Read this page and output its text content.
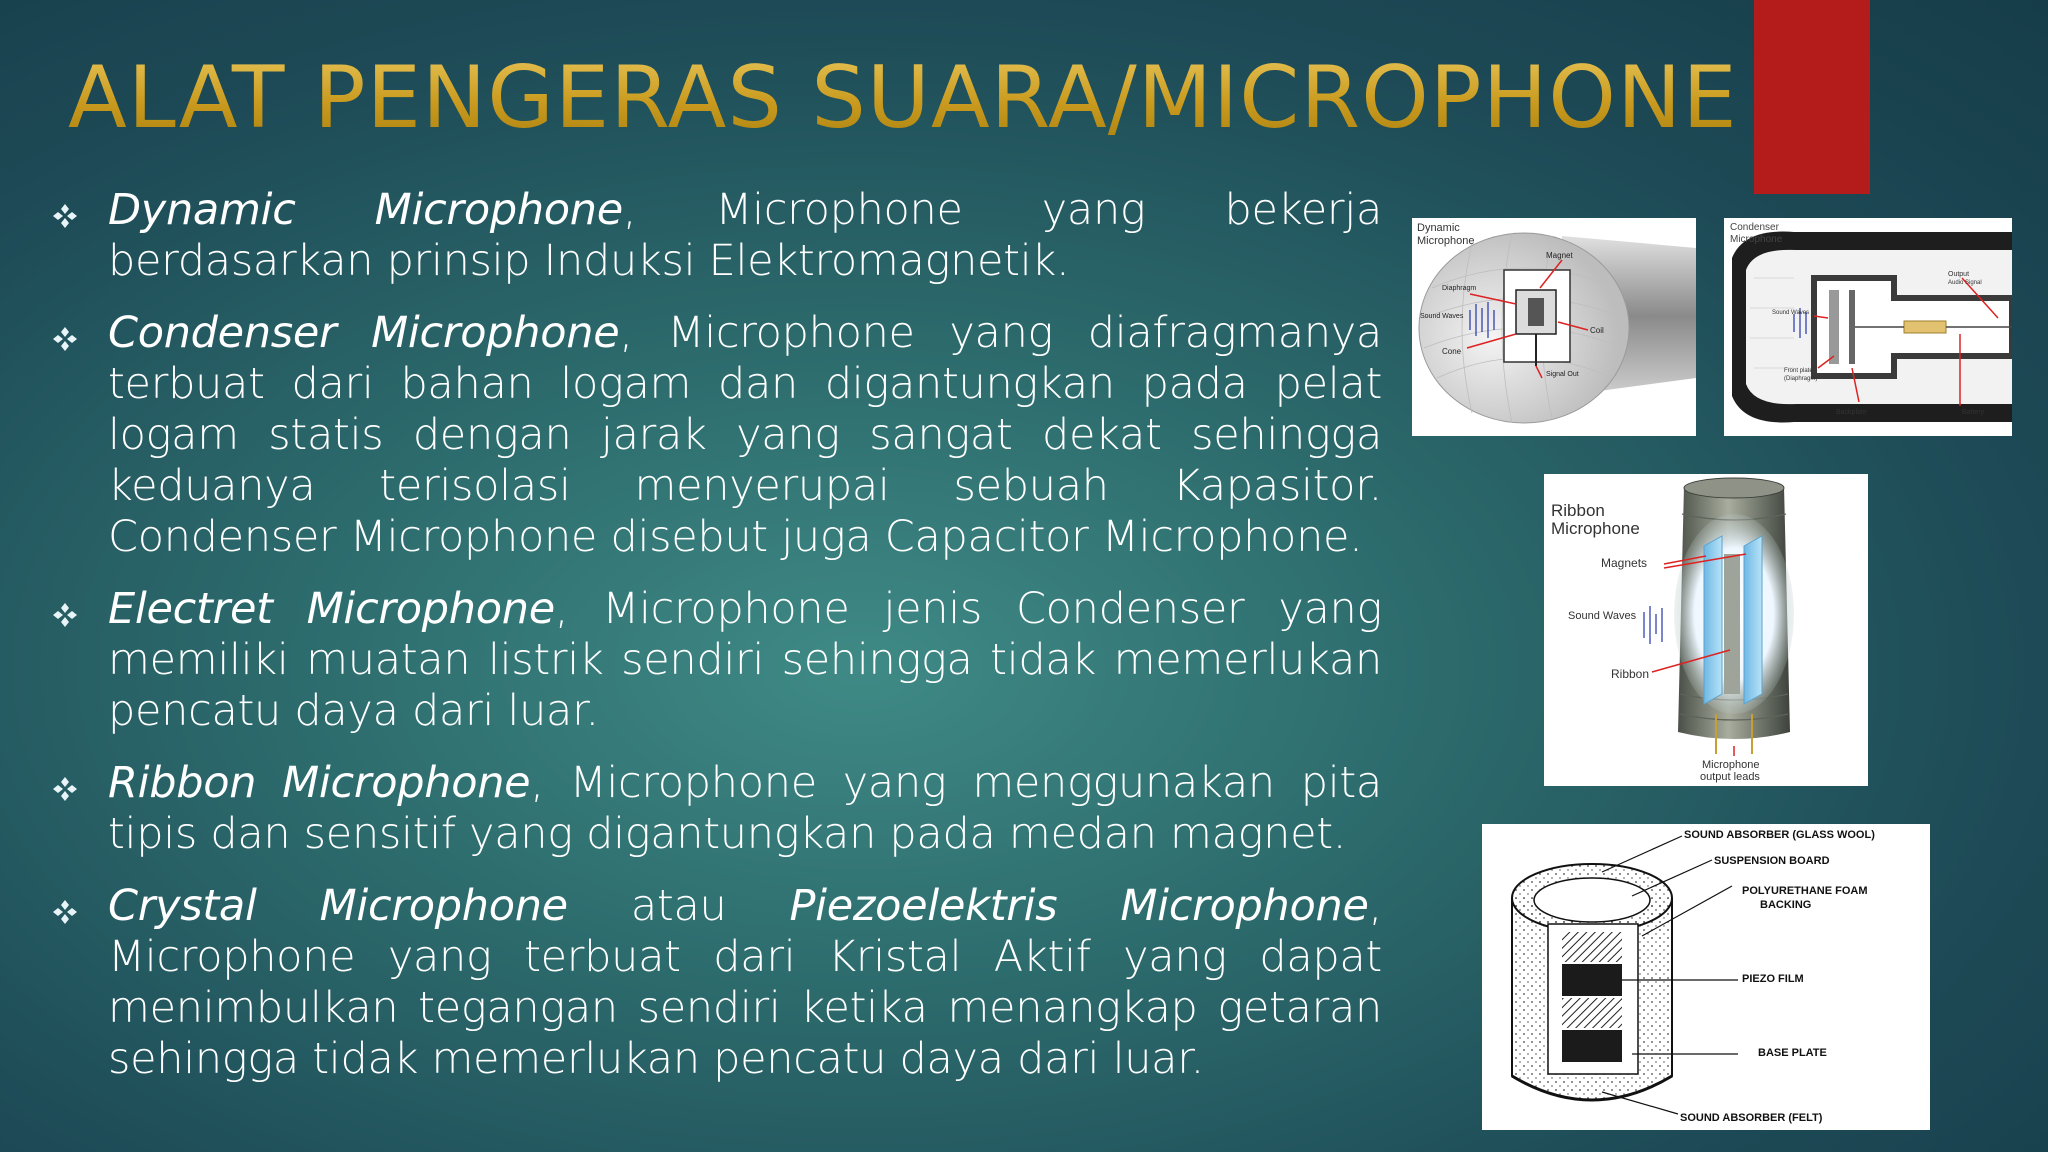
ALAT PENGERAS SUARA/MICROPHONE
Dynamic Microphone, Microphone yang bekerja berdasarkan prinsip Induksi Elektromagnetik.
Condenser Microphone, Microphone yang diafragmanya terbuat dari bahan logam dan digantungkan pada pelat logam statis dengan jarak yang sangat dekat sehingga keduanya terisolasi menyerupai sebuah Kapasitor. Condenser Microphone disebut juga Capacitor Microphone.
Electret Microphone, Microphone jenis Condenser yang memiliki muatan listrik sendiri sehingga tidak memerlukan pencatu daya dari luar.
Ribbon Microphone, Microphone yang menggunakan pita tipis dan sensitif yang digantungkan pada medan magnet.
Crystal Microphone atau Piezoelektris Microphone, Microphone yang terbuat dari Kristal Aktif yang dapat menimbulkan tegangan sendiri ketika menangkap getaran sehingga tidak memerlukan pencatu daya dari luar.
Dynamic
Microphone
Magnet
Diaphragm
Sound Waves
Coil
Cone
Signal Out
Condenser
Microphone
Output
Audio Signal
Sound Waves
Front plate
(Diaphragm)
Backplate	Battery
Ribbon
Microphone
Magnets
Sound Waves
Ribbon
Microphone
output leads
SOUND ABSORBER (GLASS WOOL)
SUSPENSION BOARD
POLYURETHANE FOAM
BACKING
PIEZO FILM
BASE PLATE
SOUND ABSORBER (FELT)
